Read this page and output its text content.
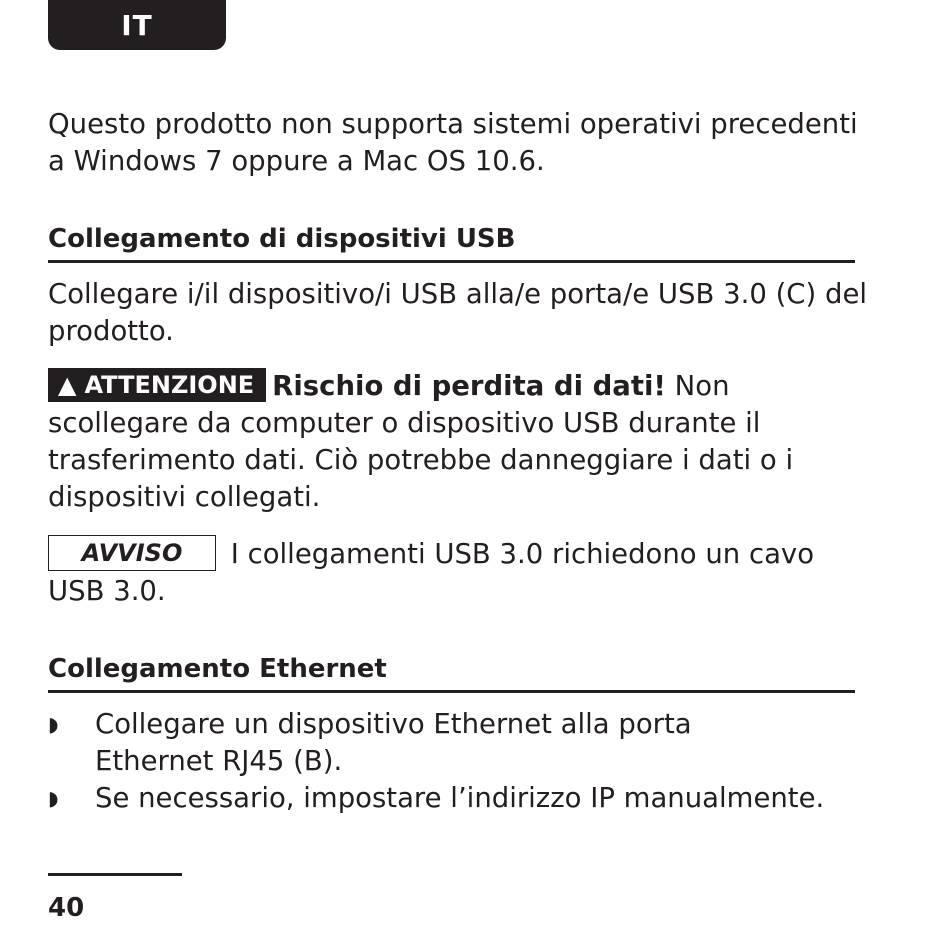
IT

Questo prodotto non supporta sistemi operativi precedenti a Windows 7 oppure a Mac OS 10.6.

Collegamento di dispositivi USB

Collegare i/il dispositivo/i USB alla/e porta/e USB 3.0 (C) del prodotto.

▲ ATTENZIONE Rischio di perdita di dati! Non scollegare da computer o dispositivo USB durante il trasferimento dati. Ciò potrebbe danneggiare i dati o i dispositivi collegati.

AVVISO I collegamenti USB 3.0 richiedono un cavo USB 3.0.

Collegamento Ethernet
◗	Collegare un dispositivo Ethernet alla porta Ethernet RJ45 (B).
◗	Se necessario, impostare l’indirizzo IP manualmente.
40
